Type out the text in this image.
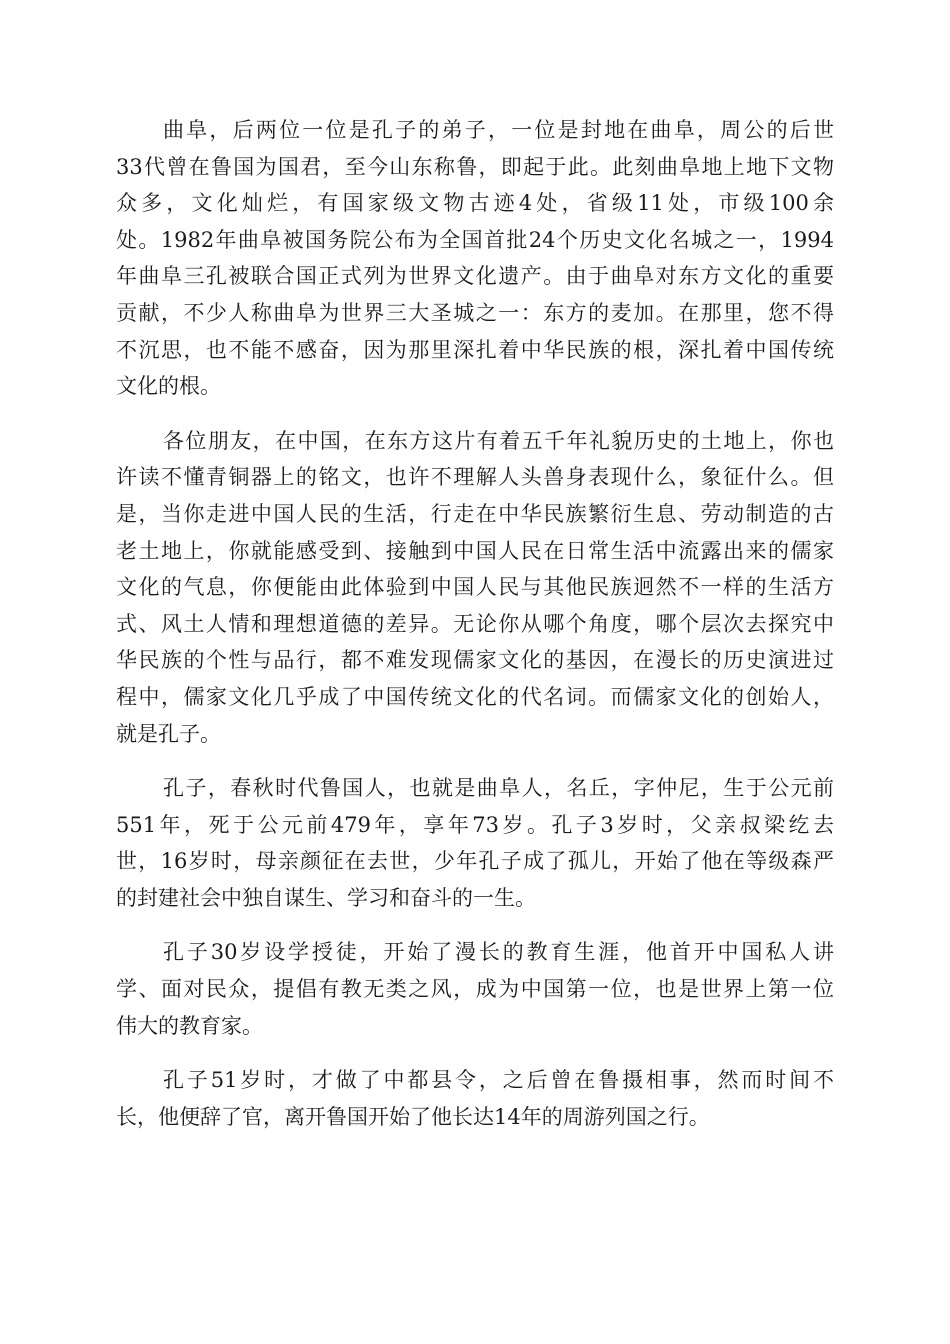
曲阜，后两位一位是孔子的弟子，一位是封地在曲阜，周公的后世
33代曾在鲁国为国君，至今山东称鲁，即起于此。此刻曲阜地上地下文物
众多，文化灿烂，有国家级文物古迹4处，省级11处，市级100余
处。1982年曲阜被国务院公布为全国首批24个历史文化名城之一，1994
年曲阜三孔被联合国正式列为世界文化遗产。由于曲阜对东方文化的重要
贡献，不少人称曲阜为世界三大圣城之一：东方的麦加。在那里，您不得
不沉思，也不能不感奋，因为那里深扎着中华民族的根，深扎着中国传统
文化的根。
各位朋友，在中国，在东方这片有着五千年礼貌历史的土地上，你也
许读不懂青铜器上的铭文，也许不理解人头兽身表现什么，象征什么。但
是，当你走进中国人民的生活，行走在中华民族繁衍生息、劳动制造的古
老土地上，你就能感受到、接触到中国人民在日常生活中流露出来的儒家
文化的气息，你便能由此体验到中国人民与其他民族迥然不一样的生活方
式、风土人情和理想道德的差异。无论你从哪个角度，哪个层次去探究中
华民族的个性与品行，都不难发现儒家文化的基因，在漫长的历史演进过
程中，儒家文化几乎成了中国传统文化的代名词。而儒家文化的创始人，
就是孔子。
孔子，春秋时代鲁国人，也就是曲阜人，名丘，字仲尼，生于公元前
551年，死于公元前479年，享年73岁。孔子3岁时，父亲叔梁纥去
世，16岁时，母亲颜征在去世，少年孔子成了孤儿，开始了他在等级森严
的封建社会中独自谋生、学习和奋斗的一生。
孔子30岁设学授徒，开始了漫长的教育生涯，他首开中国私人讲
学、面对民众，提倡有教无类之风，成为中国第一位，也是世界上第一位
伟大的教育家。
孔子51岁时，才做了中都县令，之后曾在鲁摄相事，然而时间不
长，他便辞了官，离开鲁国开始了他长达14年的周游列国之行。
